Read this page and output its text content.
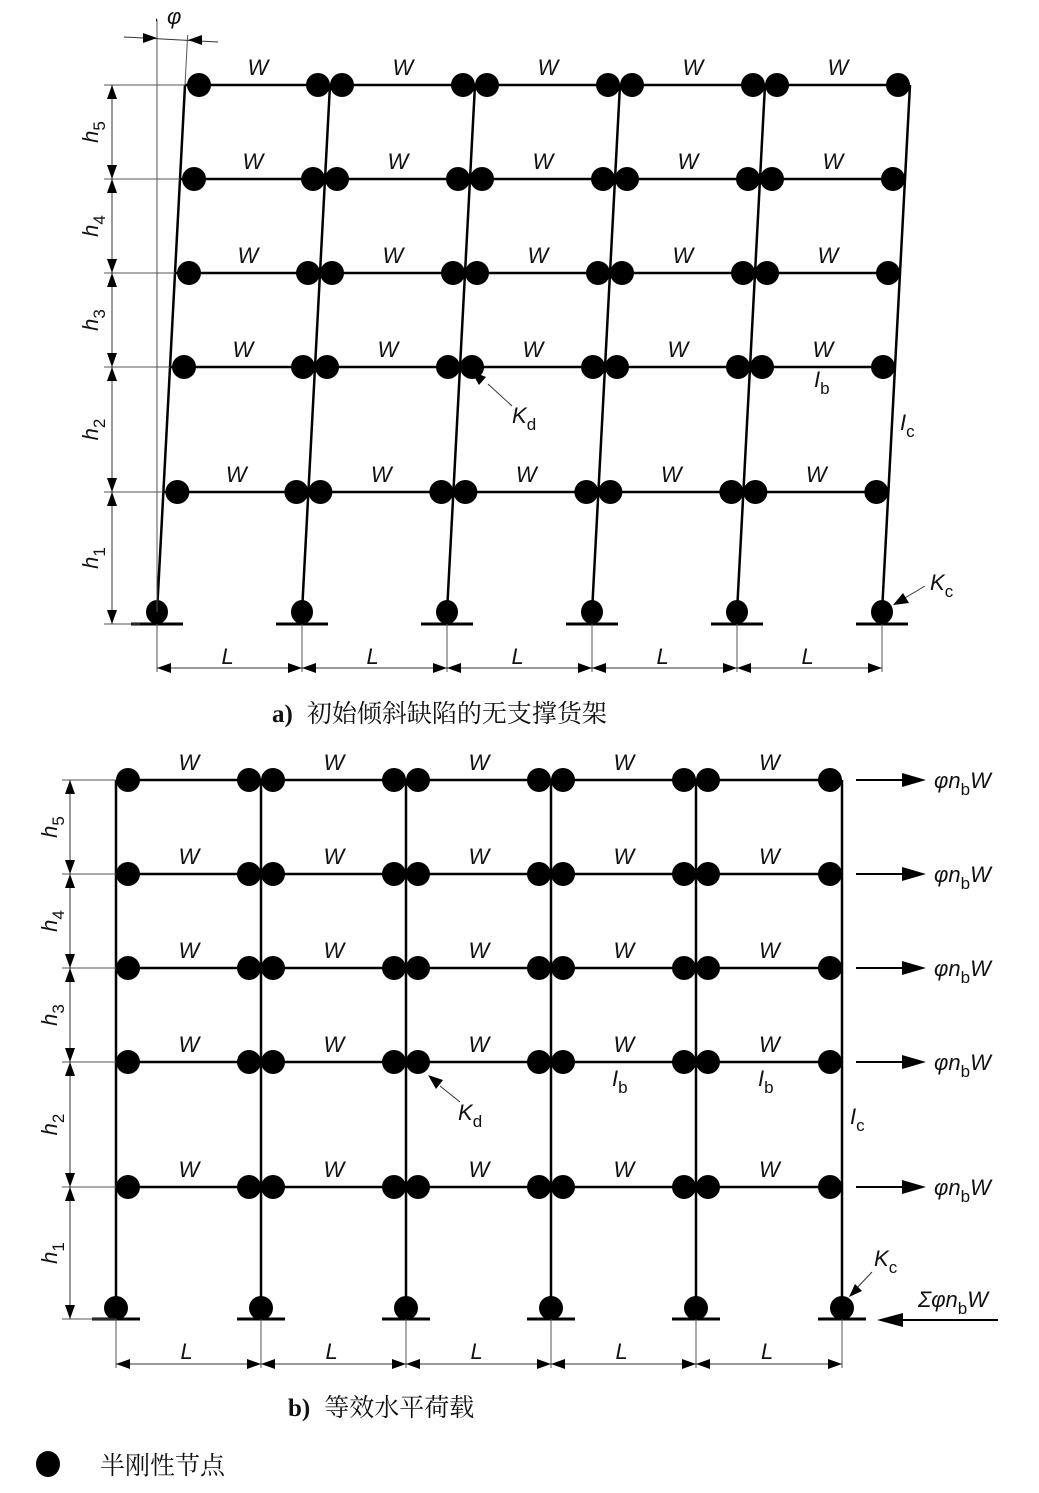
W	W	W	W	W
W	W	W	W	W
W	W	W	W	W
W	W	W	W	W
W	W	W	W	W
$h_1$
$h_2$
$h_3$
$h_4$
$h_5$
φ
L	L	L	L	L
$K_d$
$I_b$
$I_c$
$K_c$
W	W	W	W	W
$\varphi n_bW$
W	W	W	W	W
$\varphi n_bW$
W	W	W	W	W
$\varphi n_bW$
W	W	W	W	W
$\varphi n_bW$
W	W	W	W	W
$\varphi n_bW$
Σφn$_b$W
$h_1$
$h_2$
$h_3$
$h_4$
$h_5$
L	L	L	L	L
$K_d$
$I_b$	$I_b$
$I_c$
$K_c$
a) 初始倾斜缺陷的无支撑货架
b) 等效水平荷载
半刚性节点
